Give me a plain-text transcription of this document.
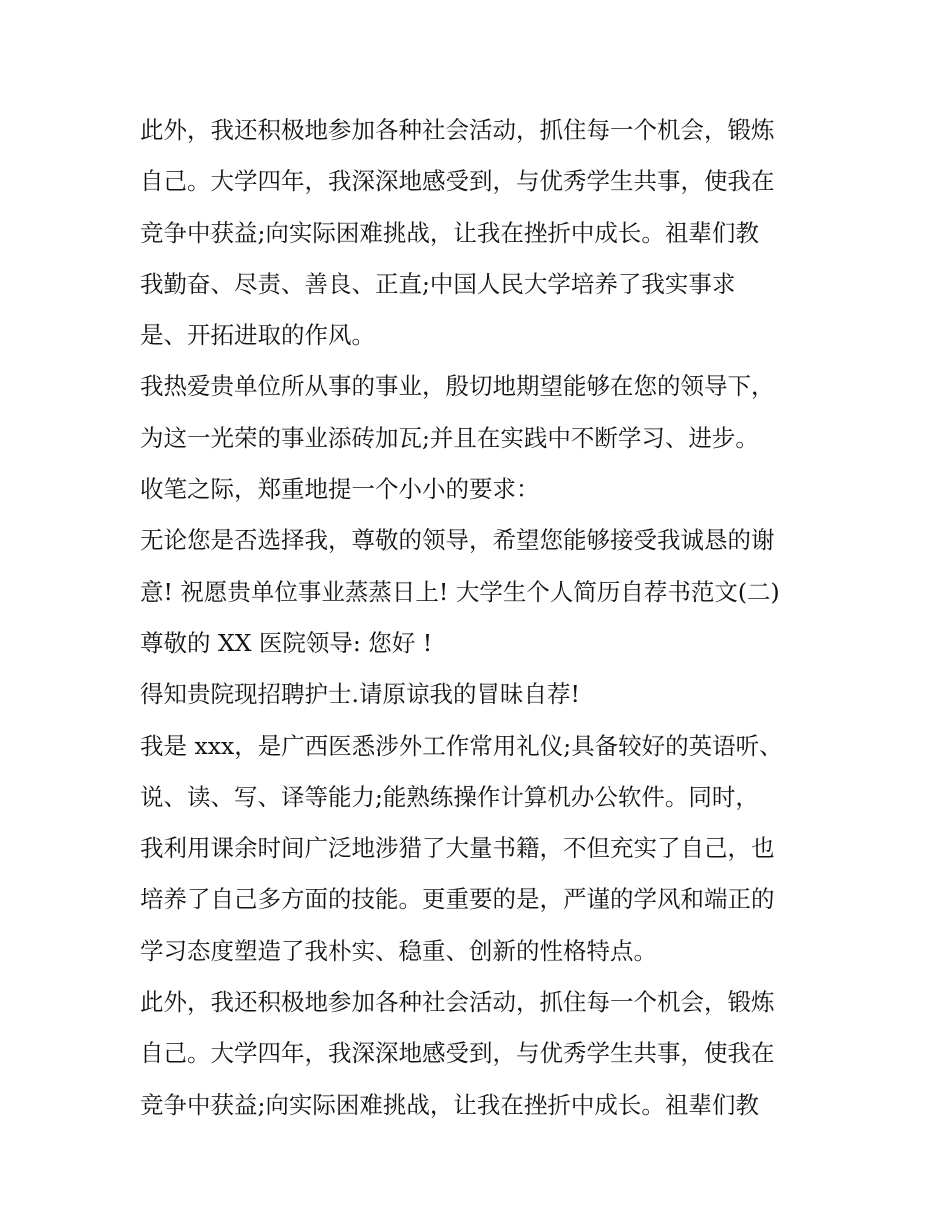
此外，我还积极地参加各种社会活动，抓住每一个机会，锻炼
自己。大学四年，我深深地感受到，与优秀学生共事，使我在
竞争中获益;向实际困难挑战，让我在挫折中成长。祖辈们教
我勤奋、尽责、善良、正直;中国人民大学培养了我实事求
是、开拓进取的作风。
我热爱贵单位所从事的事业，殷切地期望能够在您的领导下，
为这一光荣的事业添砖加瓦;并且在实践中不断学习、进步。
收笔之际，郑重地提一个小小的要求：
无论您是否选择我，尊敬的领导，希望您能够接受我诚恳的谢
意! 祝愿贵单位事业蒸蒸日上! 大学生个人简历自荐书范文(二)
尊敬的 XX 医院领导: 您好 !
得知贵院现招聘护士.请原谅我的冒昧自荐!
我是 xxx，是广西医悉涉外工作常用礼仪;具备较好的英语听、
说、读、写、译等能力;能熟练操作计算机办公软件。同时，
我利用课余时间广泛地涉猎了大量书籍，不但充实了自己，也
培养了自己多方面的技能。更重要的是，严谨的学风和端正的
学习态度塑造了我朴实、稳重、创新的性格特点。
此外，我还积极地参加各种社会活动，抓住每一个机会，锻炼
自己。大学四年，我深深地感受到，与优秀学生共事，使我在
竞争中获益;向实际困难挑战，让我在挫折中成长。祖辈们教
